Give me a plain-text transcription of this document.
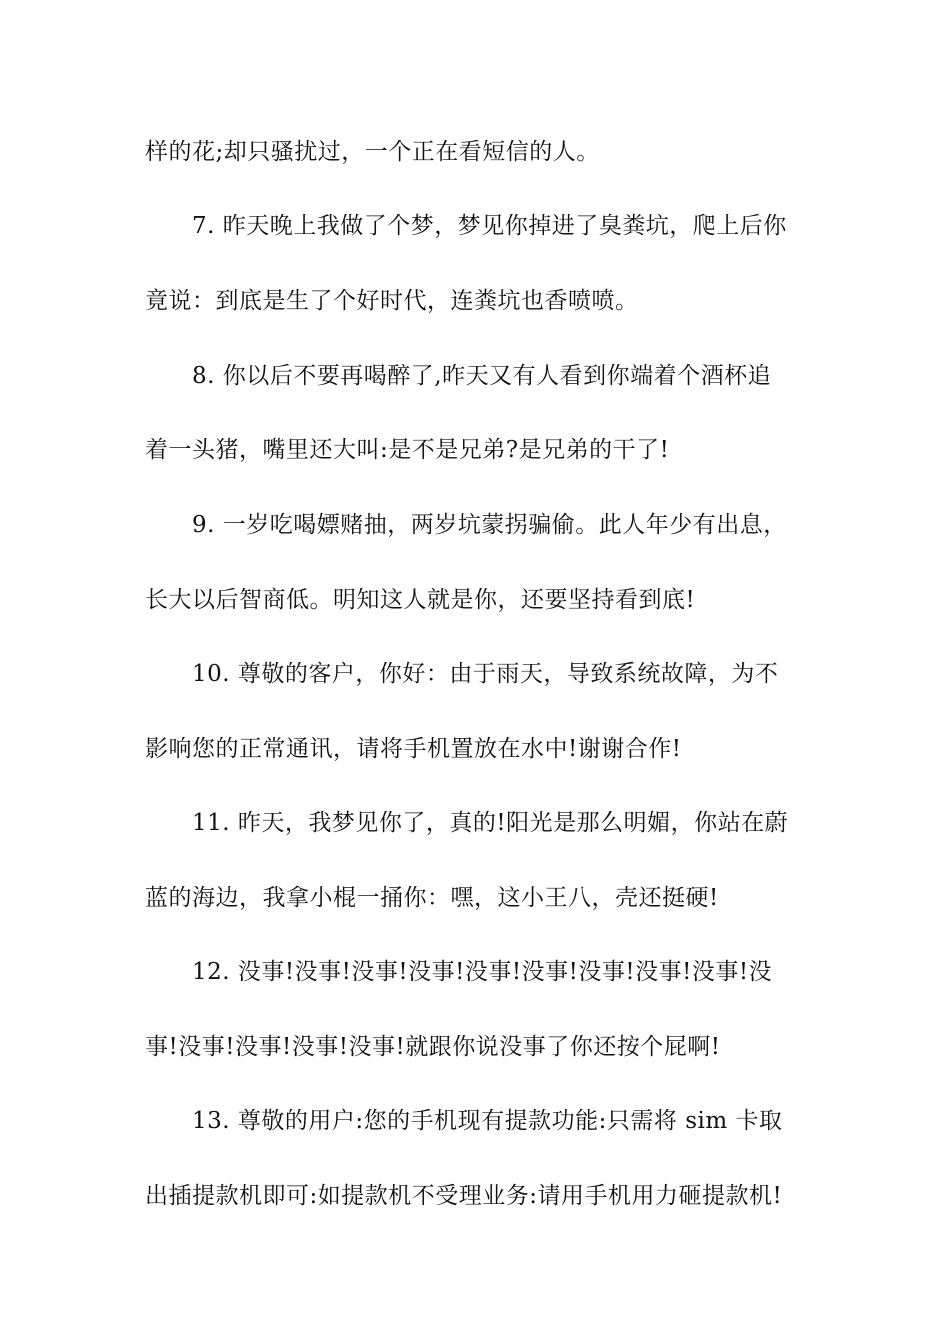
样的花;却只骚扰过，一个正在看短信的人。
7. 昨天晚上我做了个梦，梦见你掉进了臭粪坑，爬上后你
竟说：到底是生了个好时代，连粪坑也香喷喷。
8. 你以后不要再喝醉了,昨天又有人看到你端着个酒杯追
着一头猪，嘴里还大叫:是不是兄弟?是兄弟的干了!
9. 一岁吃喝嫖赌抽，两岁坑蒙拐骗偷。此人年少有出息，
长大以后智商低。明知这人就是你，还要坚持看到底!
10. 尊敬的客户，你好：由于雨天，导致系统故障，为不
影响您的正常通讯，请将手机置放在水中!谢谢合作!
11. 昨天，我梦见你了，真的!阳光是那么明媚，你站在蔚
蓝的海边，我拿小棍一捅你：嘿，这小王八，壳还挺硬!
12. 没事!没事!没事!没事!没事!没事!没事!没事!没事!没
事!没事!没事!没事!没事!就跟你说没事了你还按个屁啊!
13. 尊敬的用户:您的手机现有提款功能:只需将 sim 卡取
出插提款机即可:如提款机不受理业务:请用手机用力砸提款机!
